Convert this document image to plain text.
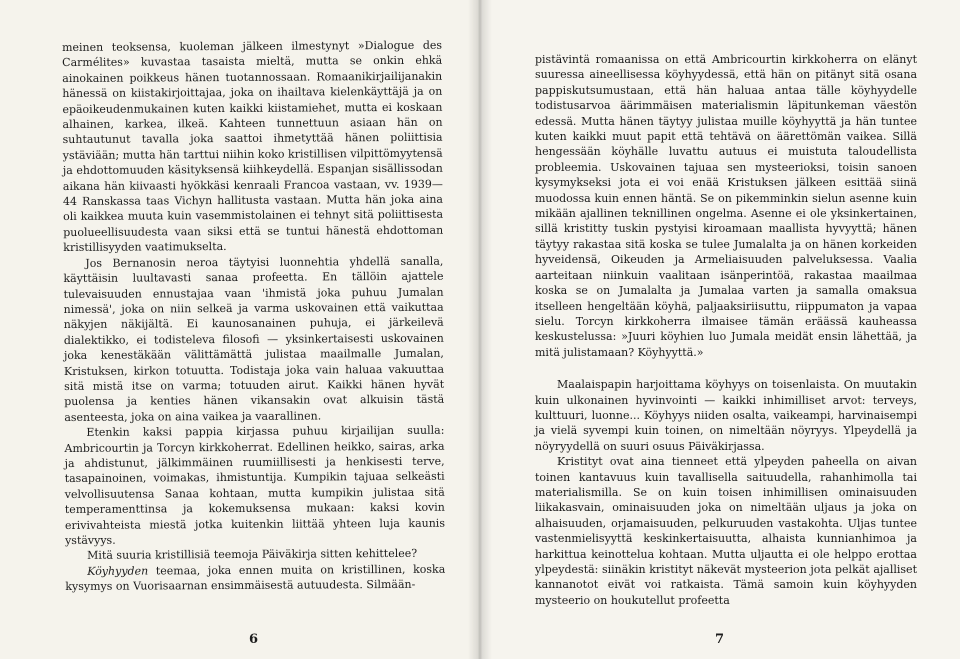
meinen teoksensa, kuoleman jälkeen ilmestynyt »Dialogue des Carmélites» kuvastaa tasaista mieltä, mutta se onkin ehkä ainokainen poikkeus hänen tuotannossaan. Romaanikirjailijanakin hänessä on kiistakirjoittajaa, joka on ihailtava kielenkäyttäjä ja on epäoikeudenmukainen kuten kaikki kiistamiehet, mutta ei koskaan alhainen, karkea, ilkeä. Kahteen tunnettuun asiaan hän on suhtautunut tavalla joka saattoi ihmetyttää hänen poliittisia ystäviään; mutta hän tarttui niihin koko kristillisen vilpittömyytensä ja ehdottomuuden käsityksensä kiihkeydellä. Espanjan sisällissodan aikana hän kiivaasti hyökkäsi kenraali Francoa vastaan, vv. 1939—44 Ranskassa taas Vichyn hallitusta vastaan. Mutta hän joka aina oli kaikkea muuta kuin vasemmistolainen ei tehnyt sitä poliittisesta puolueellisuudesta vaan siksi että se tuntui hänestä ehdottoman kristillisyyden vaatimukselta.

Jos Bernanosin neroa täytyisi luonnehtia yhdellä sanalla, käyttäisin luultavasti sanaa profeetta. En tällöin ajattele tulevaisuuden ennustajaa vaan 'ihmistä joka puhuu Jumalan nimessä', joka on niin selkeä ja varma uskovainen että vaikuttaa näkyjen näkijältä. Ei kaunosanainen puhuja, ei järkeilevä dialektikko, ei todisteleva filosofi — yksinkertaisesti uskovainen joka kenestäkään välittämättä julistaa maailmalle Jumalan, Kristuksen, kirkon totuutta. Todistaja joka vain haluaa vakuuttaa sitä mistä itse on varma; totuuden airut. Kaikki hänen hyvät puolensa ja kenties hänen vikansakin ovat alkuisin tästä asenteesta, joka on aina vaikea ja vaarallinen.

Etenkin kaksi pappia kirjassa puhuu kirjailijan suulla: Ambricourtin ja Torcyn kirkkoherrat. Edellinen heikko, sairas, arka ja ahdistunut, jälkimmäinen ruumiillisesti ja henkisesti terve, tasapainoinen, voimakas, ihmistuntija. Kumpikin tajuaa selkeästi velvollisuutensa Sanaa kohtaan, mutta kumpikin julistaa sitä temperamenttinsa ja kokemuksensa mukaan: kaksi kovin erivivahteista miestä jotka kuitenkin liittää yhteen luja kaunis ystävyys.

Mitä suuria kristillisiä teemoja Päiväkirja sitten kehittelee?

Köyhyyden teemaa, joka ennen muita on kristillinen, koska kysymys on Vuorisaarnan ensimmäisestä autuudesta. Silmään-

6

pistävintä romaanissa on että Ambricourtin kirkkoherra on elänyt suuressa aineellisessa köyhyydessä, että hän on pitänyt sitä osana pappiskutsumustaan, että hän haluaa antaa tälle köyhyydelle todistusarvoa äärimmäisen materialismin läpitunkeman väestön edessä. Mutta hänen täytyy julistaa muille köyhyyttä ja hän tuntee kuten kaikki muut papit että tehtävä on äärettömän vaikea. Sillä hengessään köyhälle luvattu autuus ei muistuta taloudellista probleemia. Uskovainen tajuaa sen mysteerioksi, toisin sanoen kysymykseksi jota ei voi enää Kristuksen jälkeen esittää siinä muodossa kuin ennen häntä. Se on pikemminkin sielun asenne kuin mikään ajallinen teknillinen ongelma. Asenne ei ole yksinkertainen, sillä kristitty tuskin pystyisi kiroamaan maallista hyvyyttä; hänen täytyy rakastaa sitä koska se tulee Jumalalta ja on hänen korkeiden hyveidensä, Oikeuden ja Armeliaisuuden palveluksessa. Vaalia aarteitaan niinkuin vaalitaan isänperintöä, rakastaa maailmaa koska se on Jumalalta ja Jumalaa varten ja samalla omaksua itselleen hengeltään köyhä, paljaaksiriisuttu, riippumaton ja vapaa sielu. Torcyn kirkkoherra ilmaisee tämän eräässä kauheassa keskustelussa: »Juuri köyhien luo Jumala meidät ensin lähettää, ja mitä julistamaan? Köyhyyttä.»

Maalaispapin harjoittama köyhyys on toisenlaista. On muutakin kuin ulkonainen hyvinvointi — kaikki inhimilliset arvot: terveys, kulttuuri, luonne... Köyhyys niiden osalta, vaikeampi, harvinaisempi ja vielä syvempi kuin toinen, on nimeltään nöyryys. Ylpeydellä ja nöyryydellä on suuri osuus Päiväkirjassa.

Kristityt ovat aina tienneet että ylpeyden paheella on aivan toinen kantavuus kuin tavallisella saituudella, rahanhimolla tai materialismilla. Se on kuin toisen inhimillisen ominaisuuden liikakasvain, ominaisuuden joka on nimeltään uljaus ja joka on alhaisuuden, orjamaisuuden, pelkuruuden vastakohta. Uljas tuntee vastenmielisyyttä keskinkertaisuutta, alhaista kunnianhimoa ja harkittua keinottelua kohtaan. Mutta uljautta ei ole helppo erottaa ylpeydestä: siinäkin kristityt näkevät mysteerion jota pelkät ajalliset kannanotot eivät voi ratkaista. Tämä samoin kuin köyhyyden mysteerio on houkutellut profeetta

7
